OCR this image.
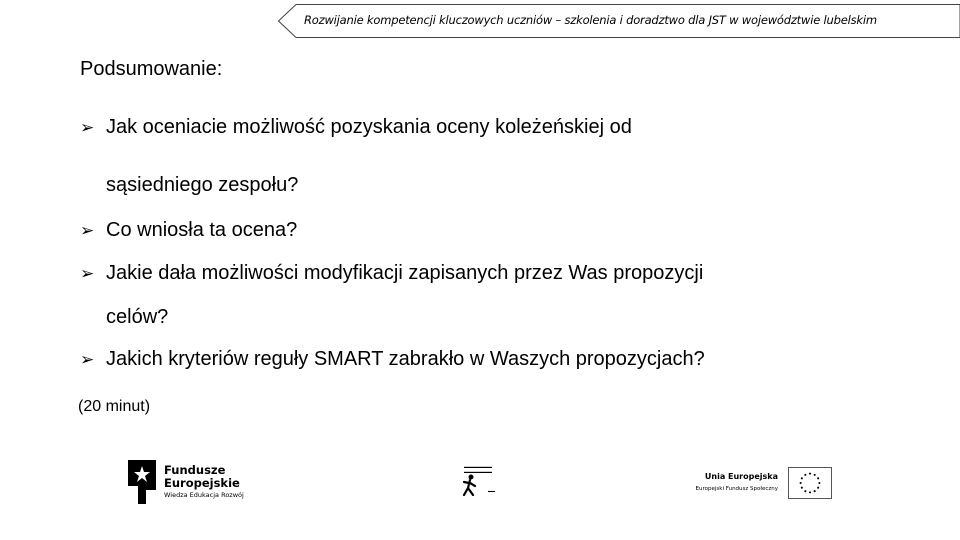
Rozwijanie kompetencji kluczowych uczniów – szkolenia i doradztwo dla JST w województwie lubelskim
Podsumowanie:
➢ Jak oceniacie możliwość pozyskania oceny koleżeńskiej od
sąsiedniego zespołu?
➢ Co wniosła ta ocena?
➢ Jakie dała możliwości modyfikacji zapisanych przez Was propozycji
celów?
➢ Jakich kryteriów reguły SMART zabrakło w Waszych propozycjach?
(20 minut)
Fundusze
Europejskie
Wiedza Edukacja Rozwój
▬▬▬▬▬▬▬
▬▬▬▬▬▬▬
▬▬
Unia Europejska
Europejski Fundusz Społeczny
